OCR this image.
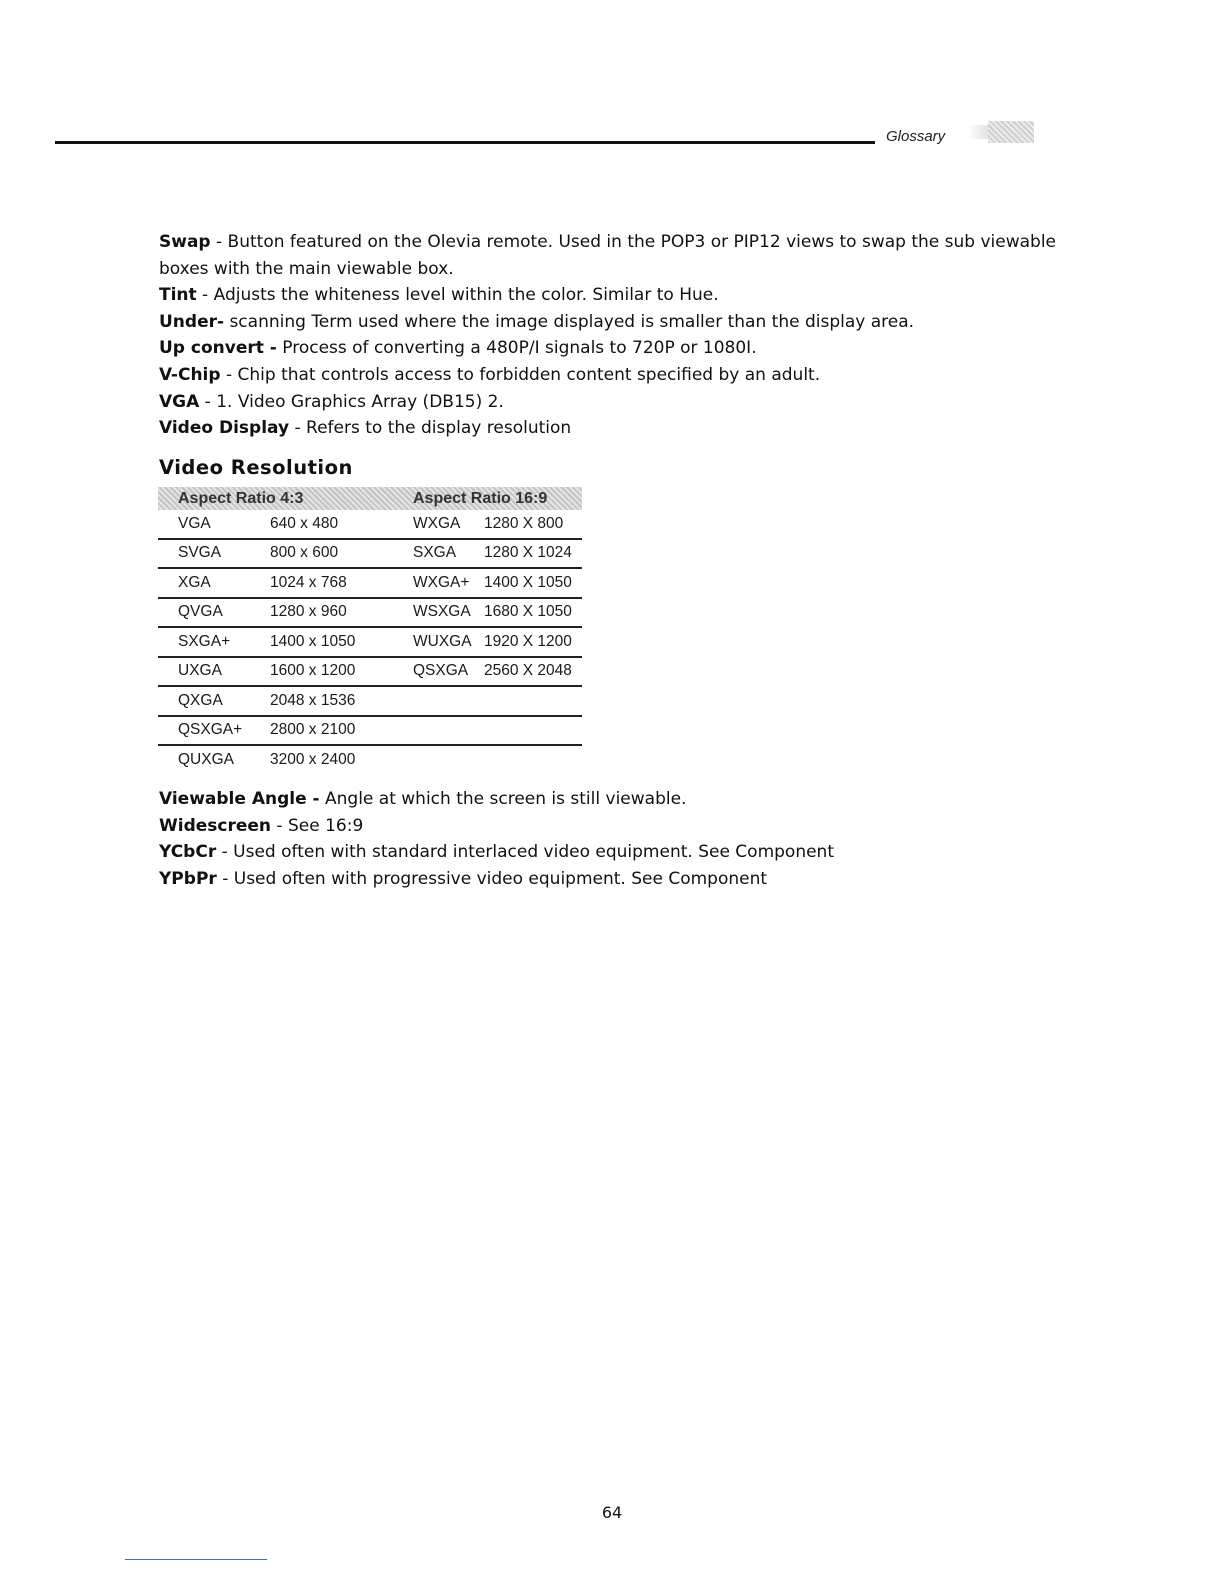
Glossary

Swap - Button featured on the Olevia remote. Used in the POP3 or PIP12 views to swap the sub viewable boxes with the main viewable box.

Tint - Adjusts the whiteness level within the color. Similar to Hue.

Under- scanning Term used where the image displayed is smaller than the display area.

Up convert - Process of converting a 480P/I signals to 720P or 1080I.

V-Chip - Chip that controls access to forbidden content specified by an adult.

VGA - 1. Video Graphics Array (DB15) 2.

Video Display - Refers to the display resolution

Video Resolution
Aspect Ratio 4:3		Aspect Ratio 16:9	
VGA	640 x 480	WXGA	1280 X 800
SVGA	800 x 600	SXGA	1280 X 1024
XGA	1024 x 768	WXGA+	1400 X 1050
QVGA	1280 x 960	WSXGA	1680 X 1050
SXGA+	1400 x 1050	WUXGA	1920 X 1200
UXGA	1600 x 1200	QSXGA	2560 X 2048
QXGA	2048 x 1536		
QSXGA+	2800 x 2100		
QUXGA	3200 x 2400		

Viewable Angle - Angle at which the screen is still viewable.

Widescreen - See 16:9

YCbCr - Used often with standard interlaced video equipment. See Component

YPbPr - Used often with progressive video equipment. See Component

64
